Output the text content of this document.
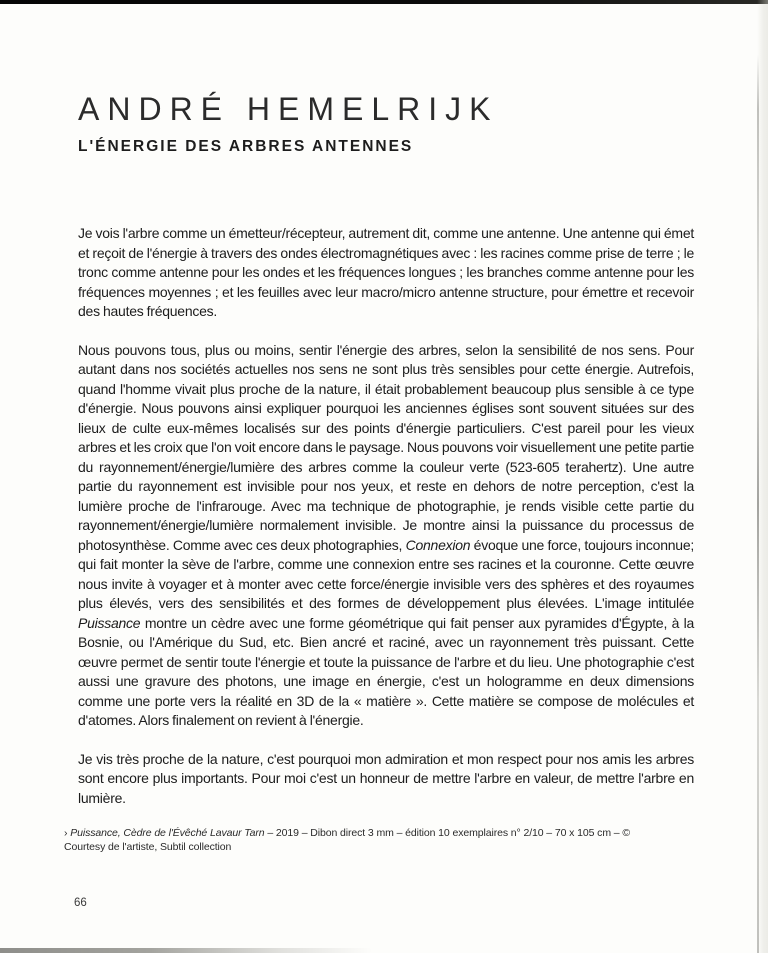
ANDRÉ HEMELRIJK
L'ÉNERGIE DES ARBRES ANTENNES

Je vois l'arbre comme un émetteur/récepteur, autrement dit, comme une antenne. Une antenne qui émet et reçoit de l'énergie à travers des ondes électromagnétiques avec : les racines comme prise de terre ; le tronc comme antenne pour les ondes et les fréquences longues ; les branches comme antenne pour les fréquences moyennes ; et les feuilles avec leur macro/micro antenne structure, pour émettre et recevoir des hautes fréquences.

Nous pouvons tous, plus ou moins, sentir l'énergie des arbres, selon la sensibilité de nos sens. Pour autant dans nos sociétés actuelles nos sens ne sont plus très sensibles pour cette énergie. Autrefois, quand l'homme vivait plus proche de la nature, il était probablement beaucoup plus sensible à ce type d'énergie. Nous pouvons ainsi expliquer pourquoi les anciennes églises sont souvent situées sur des lieux de culte eux-mêmes localisés sur des points d'énergie particuliers. C'est pareil pour les vieux arbres et les croix que l'on voit encore dans le paysage. Nous pouvons voir visuellement une petite partie du rayonnement/énergie/lumière des arbres comme la couleur verte (523-605 terahertz). Une autre partie du rayonnement est invisible pour nos yeux, et reste en dehors de notre perception, c'est la lumière proche de l'infrarouge. Avec ma technique de photographie, je rends visible cette partie du rayonnement/énergie/lumière normalement invisible. Je montre ainsi la puissance du processus de photosynthèse. Comme avec ces deux photographies, Connexion évoque une force, toujours inconnue; qui fait monter la sève de l'arbre, comme une connexion entre ses racines et la couronne. Cette œuvre nous invite à voyager et à monter avec cette force/énergie invisible vers des sphères et des royaumes plus élevés, vers des sensibilités et des formes de développement plus élevées. L'image intitulée Puissance montre un cèdre avec une forme géométrique qui fait penser aux pyramides d'Égypte, à la Bosnie, ou l'Amérique du Sud, etc. Bien ancré et raciné, avec un rayonnement très puissant. Cette œuvre permet de sentir toute l'énergie et toute la puissance de l'arbre et du lieu. Une photographie c'est aussi une gravure des photons, une image en énergie, c'est un hologramme en deux dimensions comme une porte vers la réalité en 3D de la « matière ». Cette matière se compose de molécules et d'atomes. Alors finalement on revient à l'énergie.

Je vis très proche de la nature, c'est pourquoi mon admiration et mon respect pour nos amis les arbres sont encore plus importants. Pour moi c'est un honneur de mettre l'arbre en valeur, de mettre l'arbre en lumière.

› Puissance, Cèdre de l'Évêché Lavaur Tarn – 2019 – Dibon direct 3 mm – édition 10 exemplaires n° 2/10 – 70 x 105 cm – © Courtesy de l'artiste, Subtil collection
66
